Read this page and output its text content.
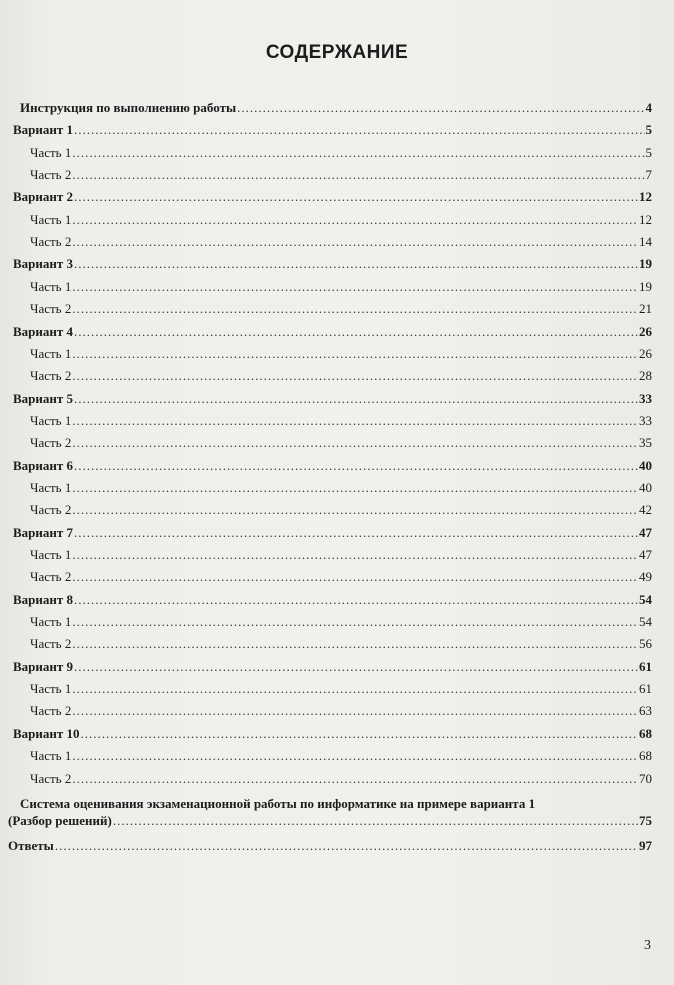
СОДЕРЖАНИЕ
Инструкция по выполнению работы .....	4
Вариант 1 .....	5
Часть 1 .....	5
Часть 2 .....	7
Вариант 2 .....	12
Часть 1 .....	12
Часть 2 .....	14
Вариант 3 .....	19
Часть 1 .....	19
Часть 2 .....	21
Вариант 4 .....	26
Часть 1 .....	26
Часть 2 .....	28
Вариант 5 .....	33
Часть 1 .....	33
Часть 2 .....	35
Вариант 6 .....	40
Часть 1 .....	40
Часть 2 .....	42
Вариант 7 .....	47
Часть 1 .....	47
Часть 2 .....	49
Вариант 8 .....	54
Часть 1 .....	54
Часть 2 .....	56
Вариант 9 .....	61
Часть 1 .....	61
Часть 2 .....	63
Вариант 10 .....	68
Часть 1 .....	68
Часть 2 .....	70
Система оценивания экзаменационной работы по информатике на примере варианта 1
(Разбор решений) .....	75
Ответы .....	97
3
